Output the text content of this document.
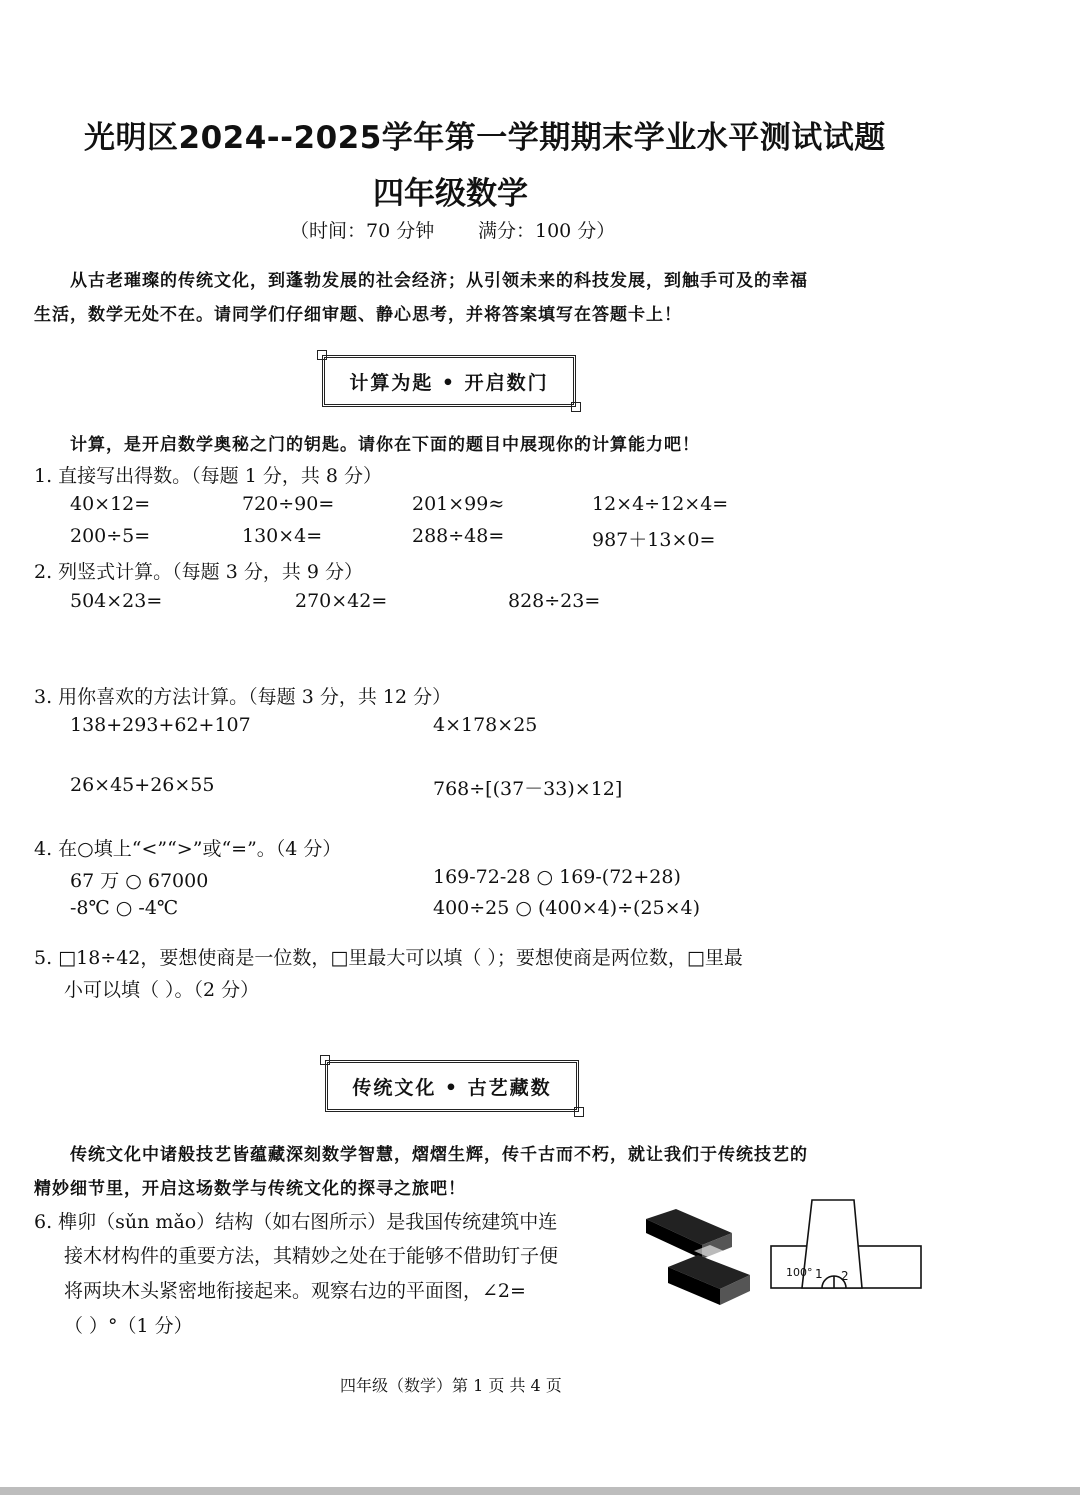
光明区2024--2025学年第一学期期末学业水平测试试题
四年级数学
（时间：70 分钟 满分：100 分）
从古老璀璨的传统文化，到蓬勃发展的社会经济；从引领未来的科技发展，到触手可及的幸福
生活，数学无处不在。请同学们仔细审题、静心思考，并将答案填写在答题卡上！
计算为匙 • 开启数门
计算，是开启数学奥秘之门的钥匙。请你在下面的题目中展现你的计算能力吧！
1. 直接写出得数。（每题 1 分，共 8 分）
40×12=	720÷90=	201×99≈	12×4÷12×4=
200÷5=	130×4=	288÷48=	987＋13×0=
2. 列竖式计算。（每题 3 分，共 9 分）
504×23=	270×42=	828÷23=
3. 用你喜欢的方法计算。（每题 3 分，共 12 分）
138+293+62+107	4×178×25
26×45+26×55	768÷[(37－33)×12]
4. 在○填上“<”“>”或“=”。（4 分）
67 万 ○ 67000	169-72-28 ○ 169-(72+28)
-8℃ ○ -4℃	400÷25 ○ (400×4)÷(25×4)
5. □18÷42，要想使商是一位数，□里最大可以填（ ）；要想使商是两位数，□里最
小可以填（ ）。（2 分）
传统文化 • 古艺藏数
传统文化中诸般技艺皆蕴藏深刻数学智慧，熠熠生辉，传千古而不朽，就让我们于传统技艺的
精妙细节里，开启这场数学与传统文化的探寻之旅吧！
6. 榫卯（sǔn mǎo）结构（如右图所示）是我国传统建筑中连
接木材构件的重要方法，其精妙之处在于能够不借助钉子便
将两块木头紧密地衔接起来。观察右边的平面图，∠2=
（ ）°（1 分）
100° 1 2
四年级（数学）第 1 页 共 4 页
